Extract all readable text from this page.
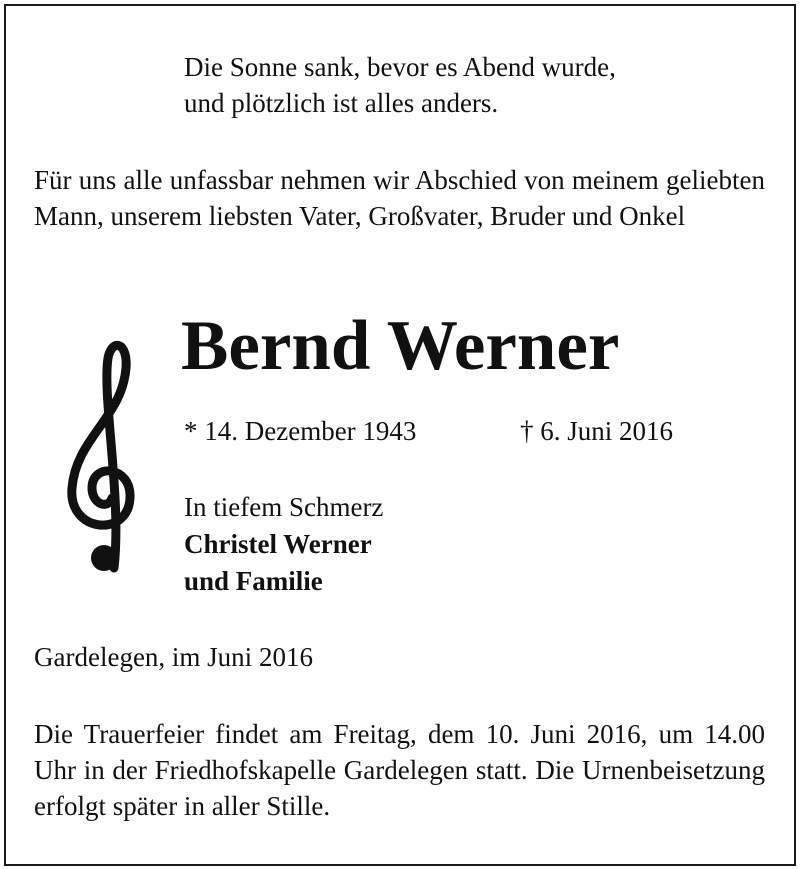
Die Sonne sank, bevor es Abend wurde,
und plötzlich ist alles anders.
Für uns alle unfassbar nehmen wir Abschied von meinem geliebten Mann, unserem liebsten Vater, Großvater, Bruder und Onkel
Bernd Werner
* 14. Dezember 1943	† 6. Juni 2016
In tiefem Schmerz
Christel Werner
und Familie
Gardelegen, im Juni 2016
Die Trauerfeier findet am Freitag, dem 10. Juni 2016, um 14.00 Uhr in der Friedhofskapelle Gardelegen statt. Die Urnenbeisetzung erfolgt später in aller Stille.
